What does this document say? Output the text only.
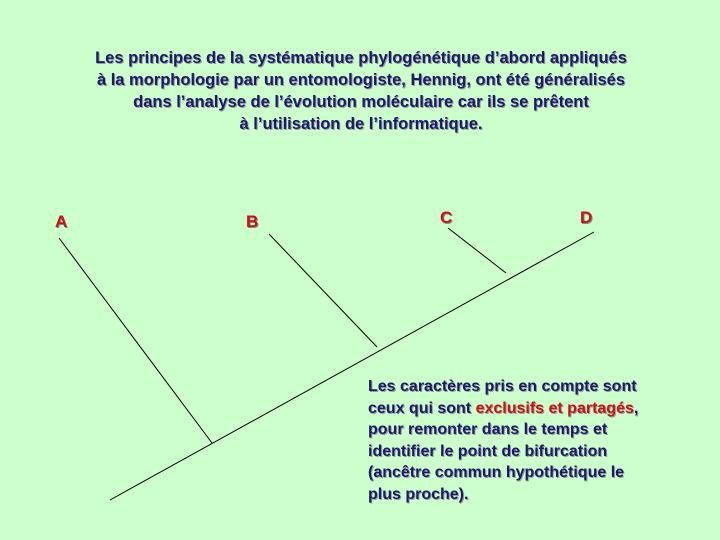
Les principes de la systématique phylogénétique d’abord appliqués
à la morphologie par un entomologiste, Hennig, ont été généralisés
dans l’analyse de l’évolution moléculaire car ils se prêtent
à l’utilisation de l’informatique.
A	B	C	D
Les caractères pris en compte sont
ceux qui sont exclusifs et partagés,
pour remonter dans le temps et
identifier le point de bifurcation
(ancêtre commun hypothétique le
plus proche).
